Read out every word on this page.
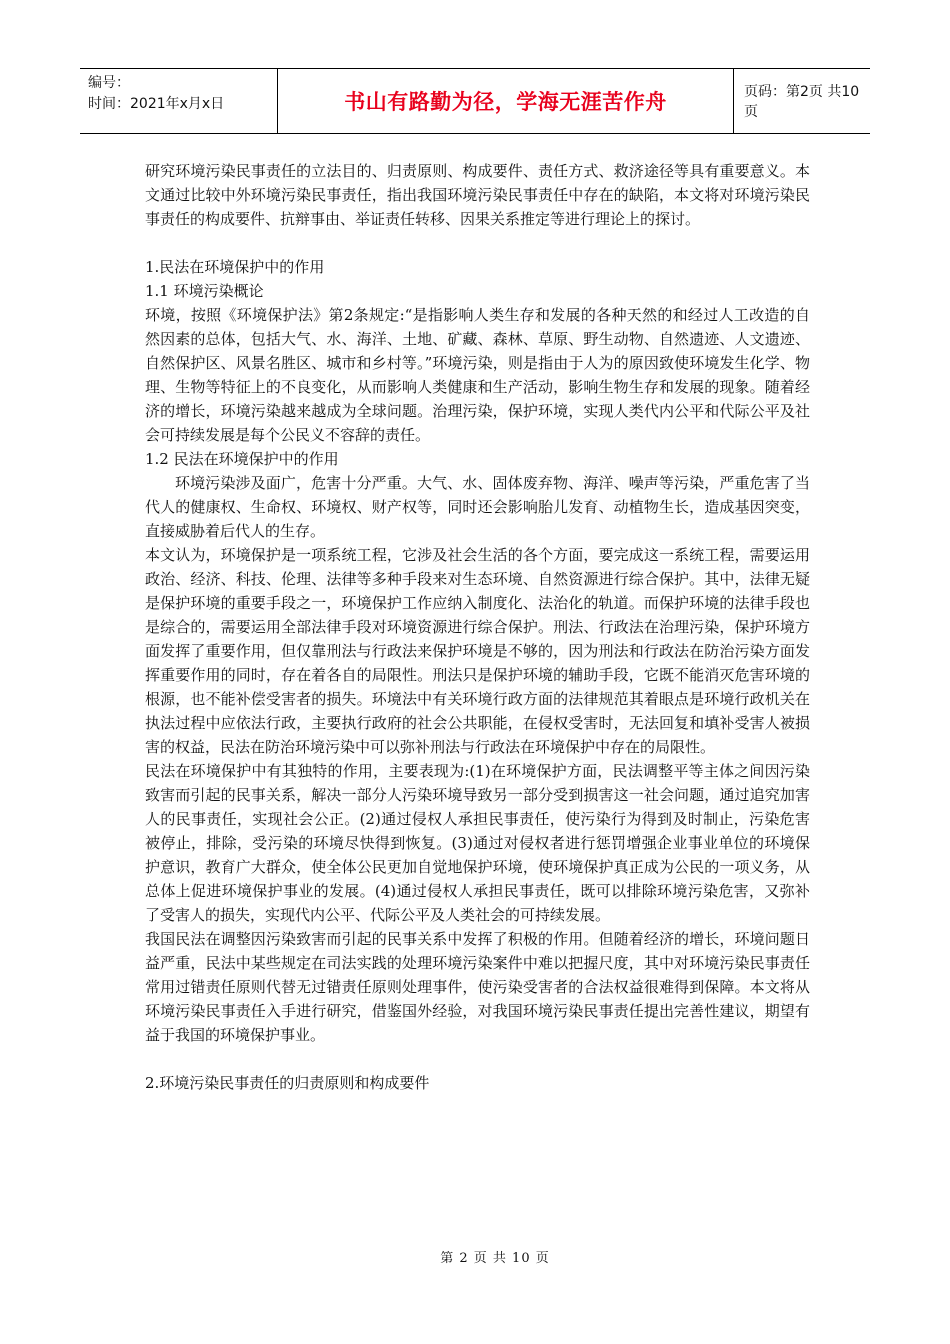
编号：
时间：2021年x月x日	书山有路勤为径，学海无涯苦作舟	页码：第2页 共10页

研究环境污染民事责任的立法目的、归责原则、构成要件、责任方式、救济途径等具有重要意义。本文通过比较中外环境污染民事责任，指出我国环境污染民事责任中存在的缺陷，本文将对环境污染民事责任的构成要件、抗辩事由、举证责任转移、因果关系推定等进行理论上的探讨。

1.民法在环境保护中的作用

1.1 环境污染概论

环境，按照《环境保护法》第2条规定:“是指影响人类生存和发展的各种天然的和经过人工改造的自然因素的总体，包括大气、水、海洋、土地、矿藏、森林、草原、野生动物、自然遗迹、人文遗迹、自然保护区、风景名胜区、城市和乡村等。”环境污染，则是指由于人为的原因致使环境发生化学、物理、生物等特征上的不良变化，从而影响人类健康和生产活动，影响生物生存和发展的现象。随着经济的增长，环境污染越来越成为全球问题。治理污染，保护环境，实现人类代内公平和代际公平及社会可持续发展是每个公民义不容辞的责任。

1.2 民法在环境保护中的作用

环境污染涉及面广，危害十分严重。大气、水、固体废弃物、海洋、噪声等污染，严重危害了当代人的健康权、生命权、环境权、财产权等，同时还会影响胎儿发育、动植物生长，造成基因突变，直接威胁着后代人的生存。

本文认为，环境保护是一项系统工程，它涉及社会生活的各个方面，要完成这一系统工程，需要运用政治、经济、科技、伦理、法律等多种手段来对生态环境、自然资源进行综合保护。其中，法律无疑是保护环境的重要手段之一，环境保护工作应纳入制度化、法治化的轨道。而保护环境的法律手段也是综合的，需要运用全部法律手段对环境资源进行综合保护。刑法、行政法在治理污染，保护环境方面发挥了重要作用，但仅靠刑法与行政法来保护环境是不够的，因为刑法和行政法在防治污染方面发挥重要作用的同时，存在着各自的局限性。刑法只是保护环境的辅助手段，它既不能消灭危害环境的根源，也不能补偿受害者的损失。环境法中有关环境行政方面的法律规范其着眼点是环境行政机关在执法过程中应依法行政，主要执行政府的社会公共职能，在侵权受害时，无法回复和填补受害人被损害的权益，民法在防治环境污染中可以弥补刑法与行政法在环境保护中存在的局限性。

民法在环境保护中有其独特的作用，主要表现为:(1)在环境保护方面，民法调整平等主体之间因污染致害而引起的民事关系，解决一部分人污染环境导致另一部分受到损害这一社会问题，通过追究加害人的民事责任，实现社会公正。(2)通过侵权人承担民事责任，使污染行为得到及时制止，污染危害被停止，排除，受污染的环境尽快得到恢复。(3)通过对侵权者进行惩罚增强企业事业单位的环境保护意识，教育广大群众，使全体公民更加自觉地保护环境，使环境保护真正成为公民的一项义务，从总体上促进环境保护事业的发展。(4)通过侵权人承担民事责任，既可以排除环境污染危害，又弥补了受害人的损失，实现代内公平、代际公平及人类社会的可持续发展。

我国民法在调整因污染致害而引起的民事关系中发挥了积极的作用。但随着经济的增长，环境问题日益严重，民法中某些规定在司法实践的处理环境污染案件中难以把握尺度，其中对环境污染民事责任常用过错责任原则代替无过错责任原则处理事件，使污染受害者的合法权益很难得到保障。本文将从环境污染民事责任入手进行研究，借鉴国外经验，对我国环境污染民事责任提出完善性建议，期望有益于我国的环境保护事业。

2.环境污染民事责任的归责原则和构成要件

第 2 页 共 10 页
